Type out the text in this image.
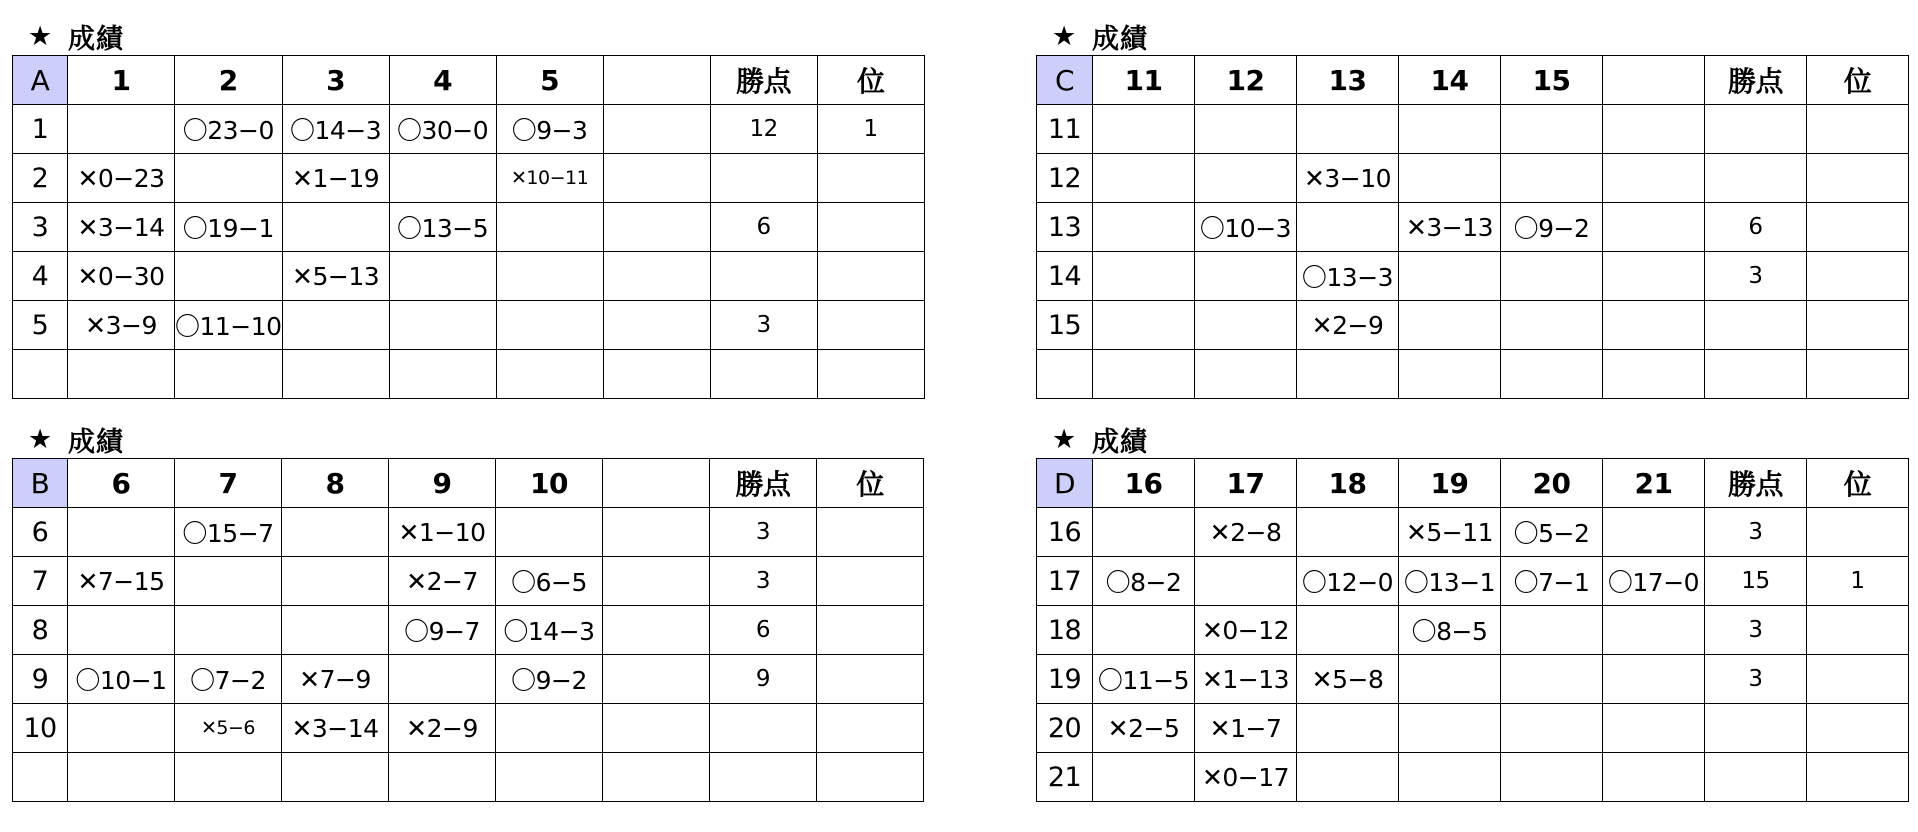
★ 成績
A	1	2	3	4	5		勝点	位
1		〇23−0	〇14−3	〇30−0	〇9−3		12	1
2	✕0−23		✕1−19		✕10−11			
3	✕3−14	〇19−1		〇13−5			6	
4	✕0−30		✕5−13					
5	✕3−9	〇11−10					3	

★ 成績
B	6	7	8	9	10		勝点	位
6		〇15−7		✕1−10			3	
7	✕7−15			✕2−7	〇6−5		3	
8				〇9−7	〇14−3		6	
9	〇10−1	〇7−2	✕7−9		〇9−2		9	
10		✕5−6	✕3−14	✕2−9				

★ 成績
C	11	12	13	14	15		勝点	位
11								
12			✕3−10					
13		〇10−3		✕3−13	〇9−2		6	
14			〇13−3				3	
15			✕2−9					

★ 成績
D	16	17	18	19	20	21	勝点	位
16		✕2−8		✕5−11	〇5−2		3	
17	〇8−2		〇12−0	〇13−1	〇7−1	〇17−0	15	1
18		✕0−12		〇8−5			3	
19	〇11−5	✕1−13	✕5−8				3	
20	✕2−5	✕1−7						
21		✕0−17						
